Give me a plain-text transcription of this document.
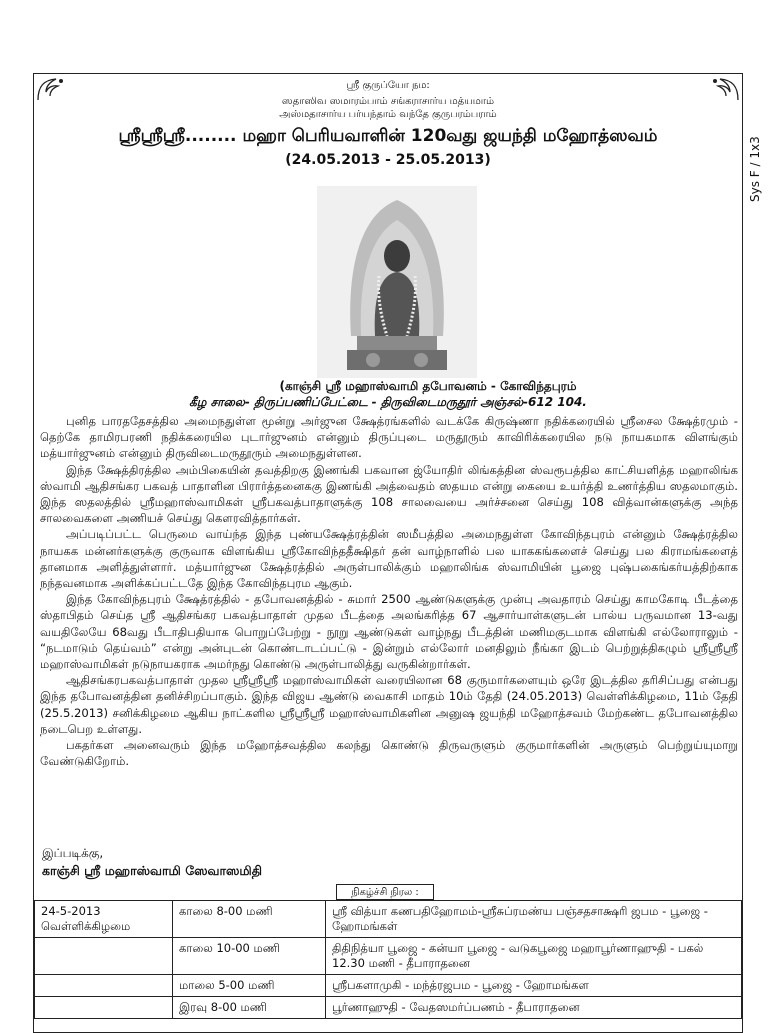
Sys F / 1x3
ஸ்ரீ குருப்யோ நம:
ஸதாஸிவ ஸமாரம்பாம் சங்கராசார்ய மத்யமாம்
அஸ்மதாசார்ய பர்யந்தாம் வந்தே குருபரம்பராம்
ஸ்ரீஸ்ரீஸ்ரீ........ மஹா பெரியவாளின் 120வது ஜயந்தி மஹோத்ஸவம்
(24.05.2013 - 25.05.2013)
(காஞ்சி ஸ்ரீ மஹாஸ்வாமி தபோவனம் - கோவிந்தபுரம்
கீழ சாலை- திருப்பணிப்பேட்டை - திருவிடைமருதூர் அஞ்சல்-612 104.

புனித பாரததேசத்தில அமைநதுள்ள மூன்று அர்ஜுன க்ஷேத்ரங்களில் வடக்கே கிருஷ்ணா நதிக்கரையில் ஸ்ரீசைல க்ஷேத்ரமும் - தெற்கே தாமிரபரணி நதிக்கரையில புடார்ஜுனம் என்னும் திருப்புடை மருதூரும் காவிரிக்கரையில நடு நாயகமாக விளங்கும் மத்யார்ஜுனம் என்னும் திருவிடைமருதூரும் அமைநதுள்ளன.

இந்த க்ஷேத்திரத்தில அம்பிகையின் தவத்திறகு இணங்கி பகவான ஜ்யோதிர் லிங்கத்தின ஸ்வரூபத்தில காட்சியளித்த மஹாலிங்க ஸ்வாமி ஆதிசங்கர பகவத் பாதாளின பிரார்த்தனைககு இணங்கி அத்வைதம் ஸதயம என்று கையை உயர்த்தி உணர்த்திய ஸதலமாகும். இந்த ஸதலத்தில் ஸ்ரீமஹாஸ்வாமிகள் ஸ்ரீபகவத்பாதாளுக்கு 108 சாலவையை அர்ச்சனை செய்து 108 வித்வான்களுக்கு அந்த சாலவைகளை அணியச் செய்து கௌரவித்தார்கள்.

அப்படிப்பட்ட பெருமை வாய்ந்த இந்த புண்யக்ஷேத்ரத்தின் ஸமீபத்தில அமைநதுள்ள கோவிந்தபுரம் என்னும் க்ஷேத்ரத்தில நாயகக மன்னர்களுக்கு குருவாக விளங்கிய ஸ்ரீகோவிந்ததீக்ஷிதர் தன் வாழ்நாளில் பல யாககங்களைச் செய்து பல கிராமங்களைத் தானமாக அளித்துள்ளார். மத்யார்ஜுன க்ஷேத்ரத்தில் அருள்பாலிக்கும் மஹாலிங்க ஸ்வாமியின் பூஜை புஷ்பகைங்கர்யத்திற்காக நந்தவனமாக அளிக்கப்பட்டதே இந்த கோவிந்தபுரம ஆகும்.

இந்த கோவிந்தபுரம் க்ஷேத்ரத்தில் - தபோவனத்தில் - சுமார் 2500 ஆண்டுகளுக்கு முன்பு அவதாரம் செய்து காமகோடி பீடத்தை ஸ்தாபிதம் செய்த ஸ்ரீ ஆதிசங்கர பகவத்பாதாள் முதல பீடத்தை அலங்கரித்த 67 ஆசார்யாள்களுடன் பால்ய பருவமான 13-வது வயதிலேயே 68வது பீடாதிபதியாக பொறுப்பேற்று - நூறு ஆண்டுகள் வாழ்நது பீடத்தின் மணிமகுடமாக விளங்கி எல்லோராலும் - “நடமாடும் தெய்வம்” என்று அன்புடன் கொண்டாடப்பட்டு - இன்றும் எல்லோர் மனதிலும் நீங்கா இடம் பெற்றுத்திகழும் ஸ்ரீஸ்ரீஸ்ரீ மஹாஸ்வாமிகள் நடுநாயகராக அமர்நது கொண்டு அருள்பாலித்து வருகின்றார்கள்.

ஆதிசங்கரபகவத்பாதாள் முதல ஸ்ரீஸ்ரீஸ்ரீ மஹாஸ்வாமிகள் வரையிலான 68 குருமார்களையும் ஒரே இடத்தில தரிசிப்பது என்பது இந்த தபோவனத்தின தனிச்சிறப்பாகும். இந்த விஜய ஆண்டு வைகாசி மாதம் 10ம் தேதி (24.05.2013) வெள்ளிக்கிழமை, 11ம் தேதி (25.5.2013) சனிக்கிழமை ஆகிய நாட்களில ஸ்ரீஸ்ரீஸ்ரீ மஹாஸ்வாமிகளின அனுஷ ஜயந்தி மஹோத்சவம் மேற்கண்ட தபோவனத்தில நடைபெற உள்ளது.

பகதர்கள அனைவரும் இந்த மஹோத்சவத்தில கலந்து கொண்டு திருவருளும் குருமார்களின் அருளும் பெற்றுய்யுமாறு வேண்டுகிறோம்.

இப்படிக்கு,
காஞ்சி ஸ்ரீ மஹாஸ்வாமி ஸேவாஸமிதி
நிகழ்ச்சி நிரல :
24-5-2013
வெள்ளிக்கிழமை	காலை 8-00 மணி	ஸ்ரீ வித்யா கணபதிஹோமம்-ஸ்ரீசுப்ரமண்ய பஞ்சதசாக்ஷரி ஜபம - பூஜை - ஹோமங்கள்
	காலை 10-00 மணி	திதிநித்யா பூஜை - கன்யா பூஜை - வடுகபூஜை மஹாபூர்ணாஹுதி - பகல் 12.30 மணி - தீபாராதனை
	மாலை 5-00 மணி	ஸ்ரீபகளாமுகி - மந்த்ரஜபம - பூஜை - ஹோமங்கள
	இரவு 8-00 மணி	பூர்ணாஹுதி - வேதஸமர்ப்பணம் - தீபாராதனை
